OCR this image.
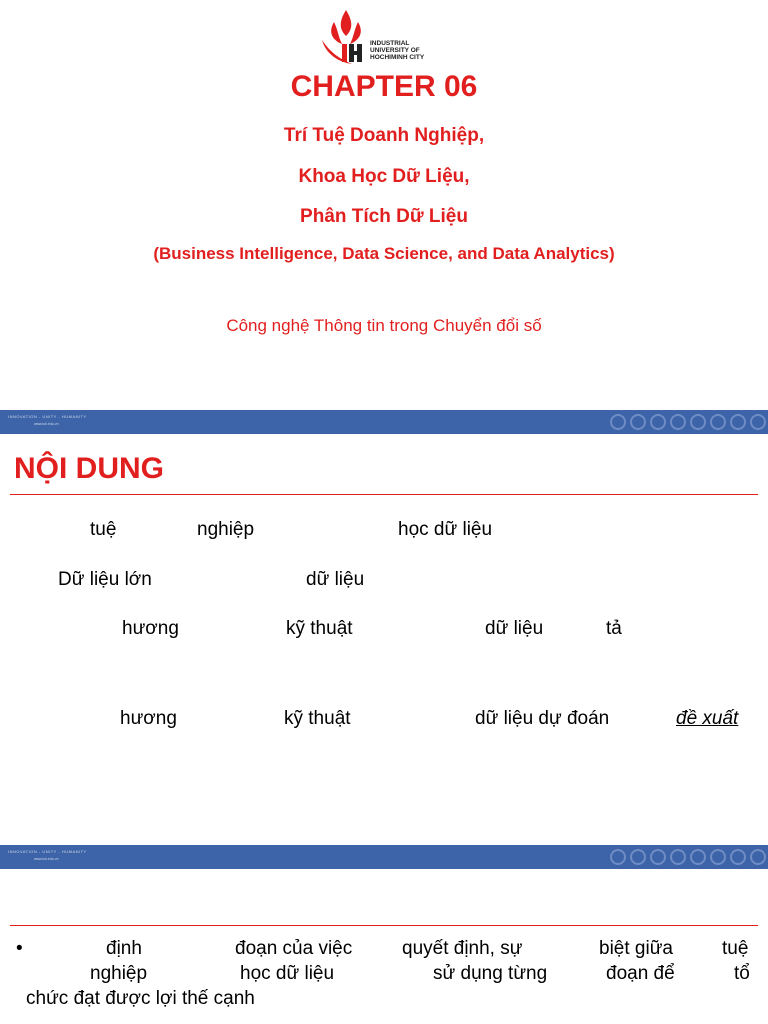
INDUSTRIAL
UNIVERSITY OF
HOCHIMINH CITY
CHAPTER 06
Trí Tuệ Doanh Nghiệp,
Khoa Học Dữ Liệu,
Phân Tích Dữ Liệu
(Business Intelligence, Data Science, and Data Analytics)
Công nghệ Thông tin trong Chuyển đổi số
INNOVATION - UNITY - HUMANITY
www.iuh.edu.vn
NỘI DUNG
tuệ	nghiệp	học dữ liệu
Dữ liệu lớn	dữ liệu
hương	kỹ thuật	dữ liệu	tả
hương	kỹ thuật	dữ liệu dự đoán	đề xuất
INNOVATION - UNITY - HUMANITY
www.iuh.edu.vn
•	định	đoạn của việc	quyết định, sự	biệt giữa	tuệ
nghiệp	học dữ liệu	sử dụng từng	đoạn để	tổ
chức đạt được lợi thế cạnh
